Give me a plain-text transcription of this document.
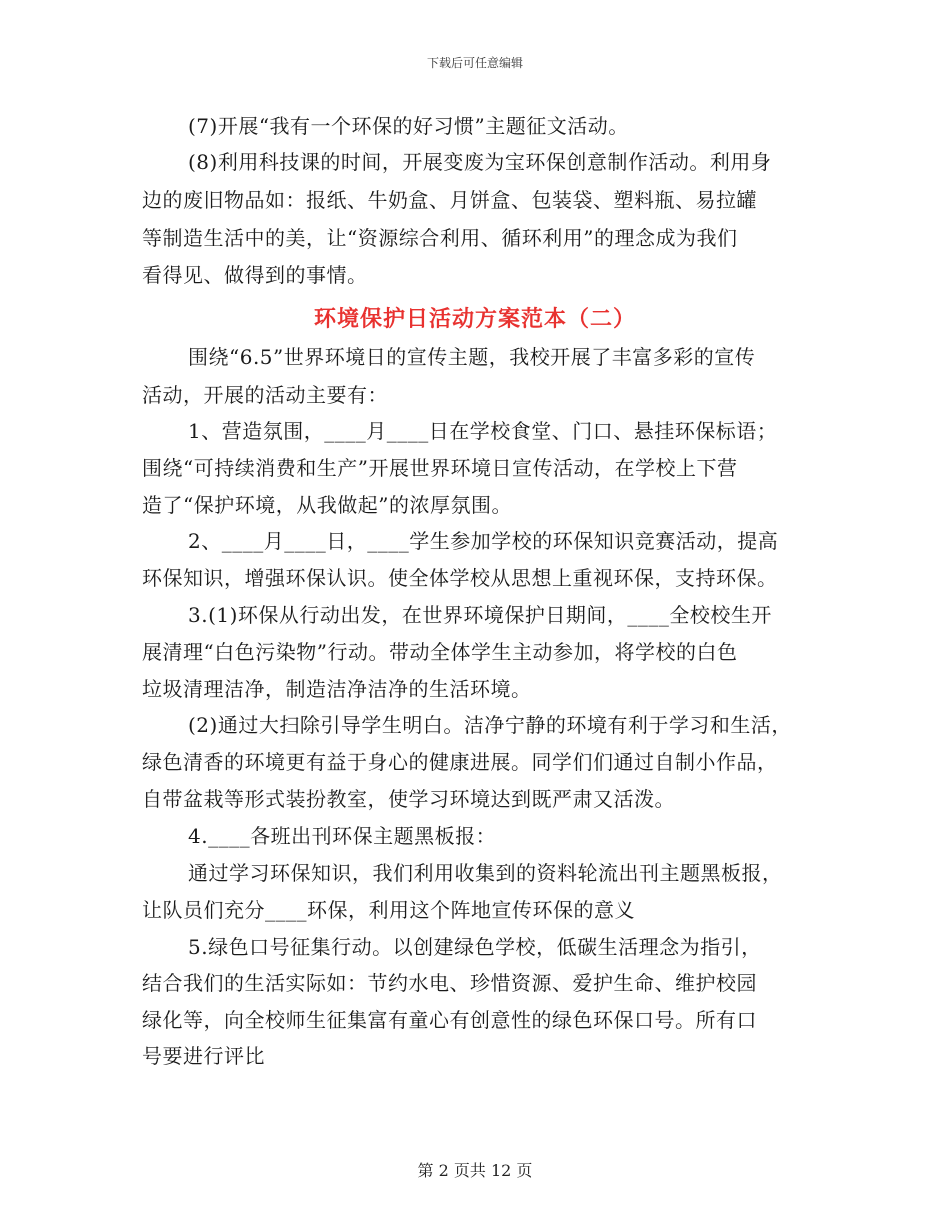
下载后可任意编辑
(7)开展“我有一个环保的好习惯”主题征文活动。
(8)利用科技课的时间，开展变废为宝环保创意制作活动。利用身
边的废旧物品如：报纸、牛奶盒、月饼盒、包装袋、塑料瓶、易拉罐
等制造生活中的美，让“资源综合利用、循环利用”的理念成为我们
看得见、做得到的事情。
环境保护日活动方案范本（二）
围绕“6.5”世界环境日的宣传主题，我校开展了丰富多彩的宣传
活动，开展的活动主要有：
1、营造氛围，____月____日在学校食堂、门口、悬挂环保标语；
围绕“可持续消费和生产”开展世界环境日宣传活动，在学校上下营
造了“保护环境，从我做起”的浓厚氛围。
2、____月____日，____学生参加学校的环保知识竞赛活动，提高
环保知识，增强环保认识。使全体学校从思想上重视环保，支持环保。
3.(1)环保从行动出发，在世界环境保护日期间，____全校校生开
展清理“白色污染物”行动。带动全体学生主动参加，将学校的白色
垃圾清理洁净，制造洁净洁净的生活环境。
(2)通过大扫除引导学生明白。洁净宁静的环境有利于学习和生活，
绿色清香的环境更有益于身心的健康进展。同学们们通过自制小作品，
自带盆栽等形式装扮教室，使学习环境达到既严肃又活泼。
4.____各班出刊环保主题黑板报：
通过学习环保知识，我们利用收集到的资料轮流出刊主题黑板报，
让队员们充分____环保，利用这个阵地宣传环保的意义
5.绿色口号征集行动。以创建绿色学校，低碳生活理念为指引，
结合我们的生活实际如：节约水电、珍惜资源、爱护生命、维护校园
绿化等，向全校师生征集富有童心有创意性的绿色环保口号。所有口
号要进行评比
第 2 页共 12 页
